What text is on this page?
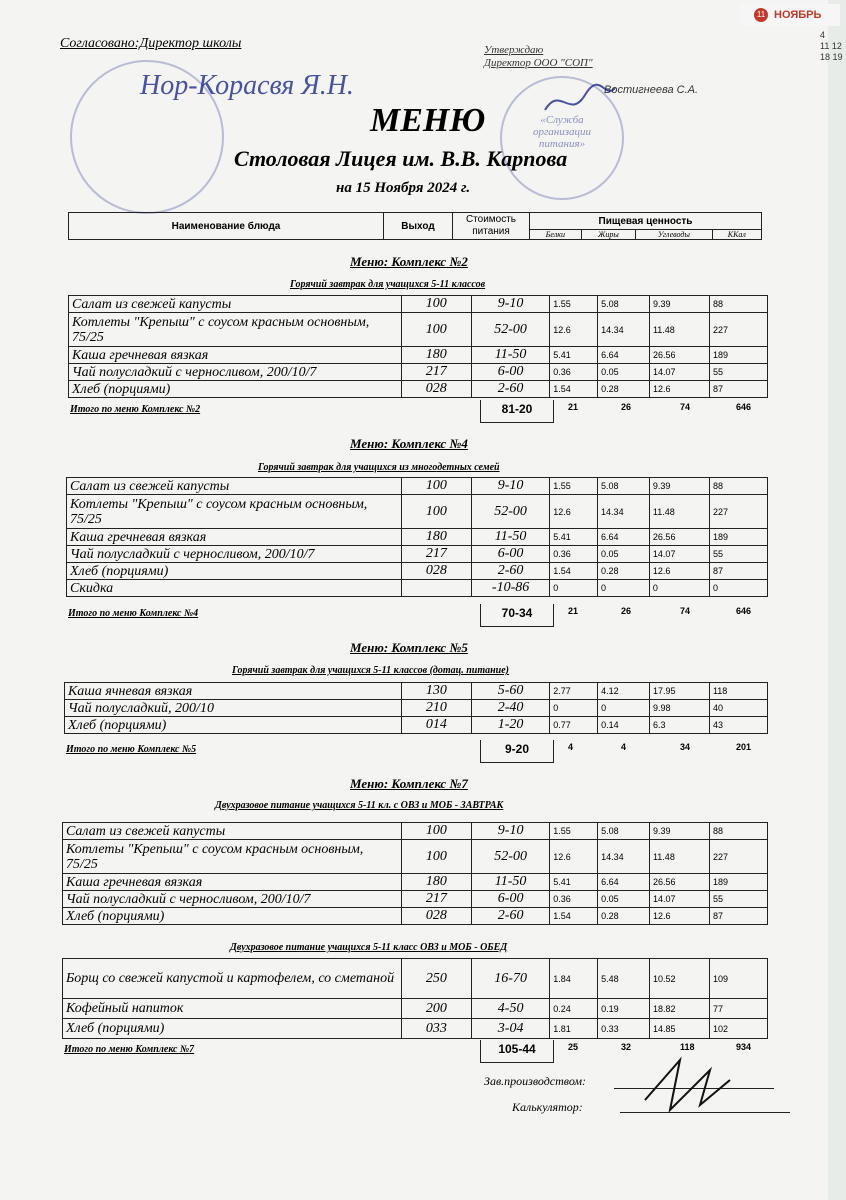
11 НОЯБРЬ
4
11 12
18 19
Согласовано:Директор школы	Утверждаю
Директор ООО "СОП"
Востигнеева С.А.
«Служба организации питания»
Нор-Корасвя Я.Н.
МЕНЮ
Столовая Лицея им. В.В. Карпова
на 15 Ноября 2024 г.
Наименование блюда	Выход	Стоимость
питания	Пищевая ценность			
			Белки	Жиры	Углеводы	ККал
Меню: Комплекс №2
Горячий завтрак для учащихся 5-11 классов
Салат из свежей капусты	100	9-10	1.55	5.08	9.39	88
Котлеты "Крепыш" с соусом красным основным, 75/25	100	52-00	12.6	14.34	11.48	227
Каша гречневая вязкая	180	11-50	5.41	6.64	26.56	189
Чай полусладкий с черносливом, 200/10/7	217	6-00	0.36	0.05	14.07	55
Хлеб (порциями)	028	2-60	1.54	0.28	12.6	87
Итого по меню Комплекс №2	81-20	21	26	74	646
Меню: Комплекс №4
Горячий завтрак для учащихся из многодетных семей
Салат из свежей капусты	100	9-10	1.55	5.08	9.39	88
Котлеты "Крепыш" с соусом красным основным, 75/25	100	52-00	12.6	14.34	11.48	227
Каша гречневая вязкая	180	11-50	5.41	6.64	26.56	189
Чай полусладкий с черносливом, 200/10/7	217	6-00	0.36	0.05	14.07	55
Хлеб (порциями)	028	2-60	1.54	0.28	12.6	87
Скидка		-10-86	0	0	0	0
Итого по меню Комплекс №4	70-34	21	26	74	646
Меню: Комплекс №5
Горячий завтрак для учащихся 5-11 классов (дотац. питание)
Каша ячневая вязкая	130	5-60	2.77	4.12	17.95	118
Чай полусладкий, 200/10	210	2-40	0	0	9.98	40
Хлеб (порциями)	014	1-20	0.77	0.14	6.3	43
Итого по меню Комплекс №5	9-20	4	4	34	201
Меню: Комплекс №7
Двухразовое питание учащихся 5-11 кл. с ОВЗ и МОБ - ЗАВТРАК
Салат из свежей капусты	100	9-10	1.55	5.08	9.39	88
Котлеты "Крепыш" с соусом красным основным, 75/25	100	52-00	12.6	14.34	11.48	227
Каша гречневая вязкая	180	11-50	5.41	6.64	26.56	189
Чай полусладкий с черносливом, 200/10/7	217	6-00	0.36	0.05	14.07	55
Хлеб (порциями)	028	2-60	1.54	0.28	12.6	87
Двухразовое питание учащихся 5-11 класс ОВЗ и МОБ - ОБЕД
Борщ со свежей капустой и картофелем, со сметаной	250	16-70	1.84	5.48	10.52	109
Кофейный напиток	200	4-50	0.24	0.19	18.82	77
Хлеб (порциями)	033	3-04	1.81	0.33	14.85	102
Итого по меню Комплекс №7	105-44	25	32	118	934
Зав.производством:
Калькулятор:
